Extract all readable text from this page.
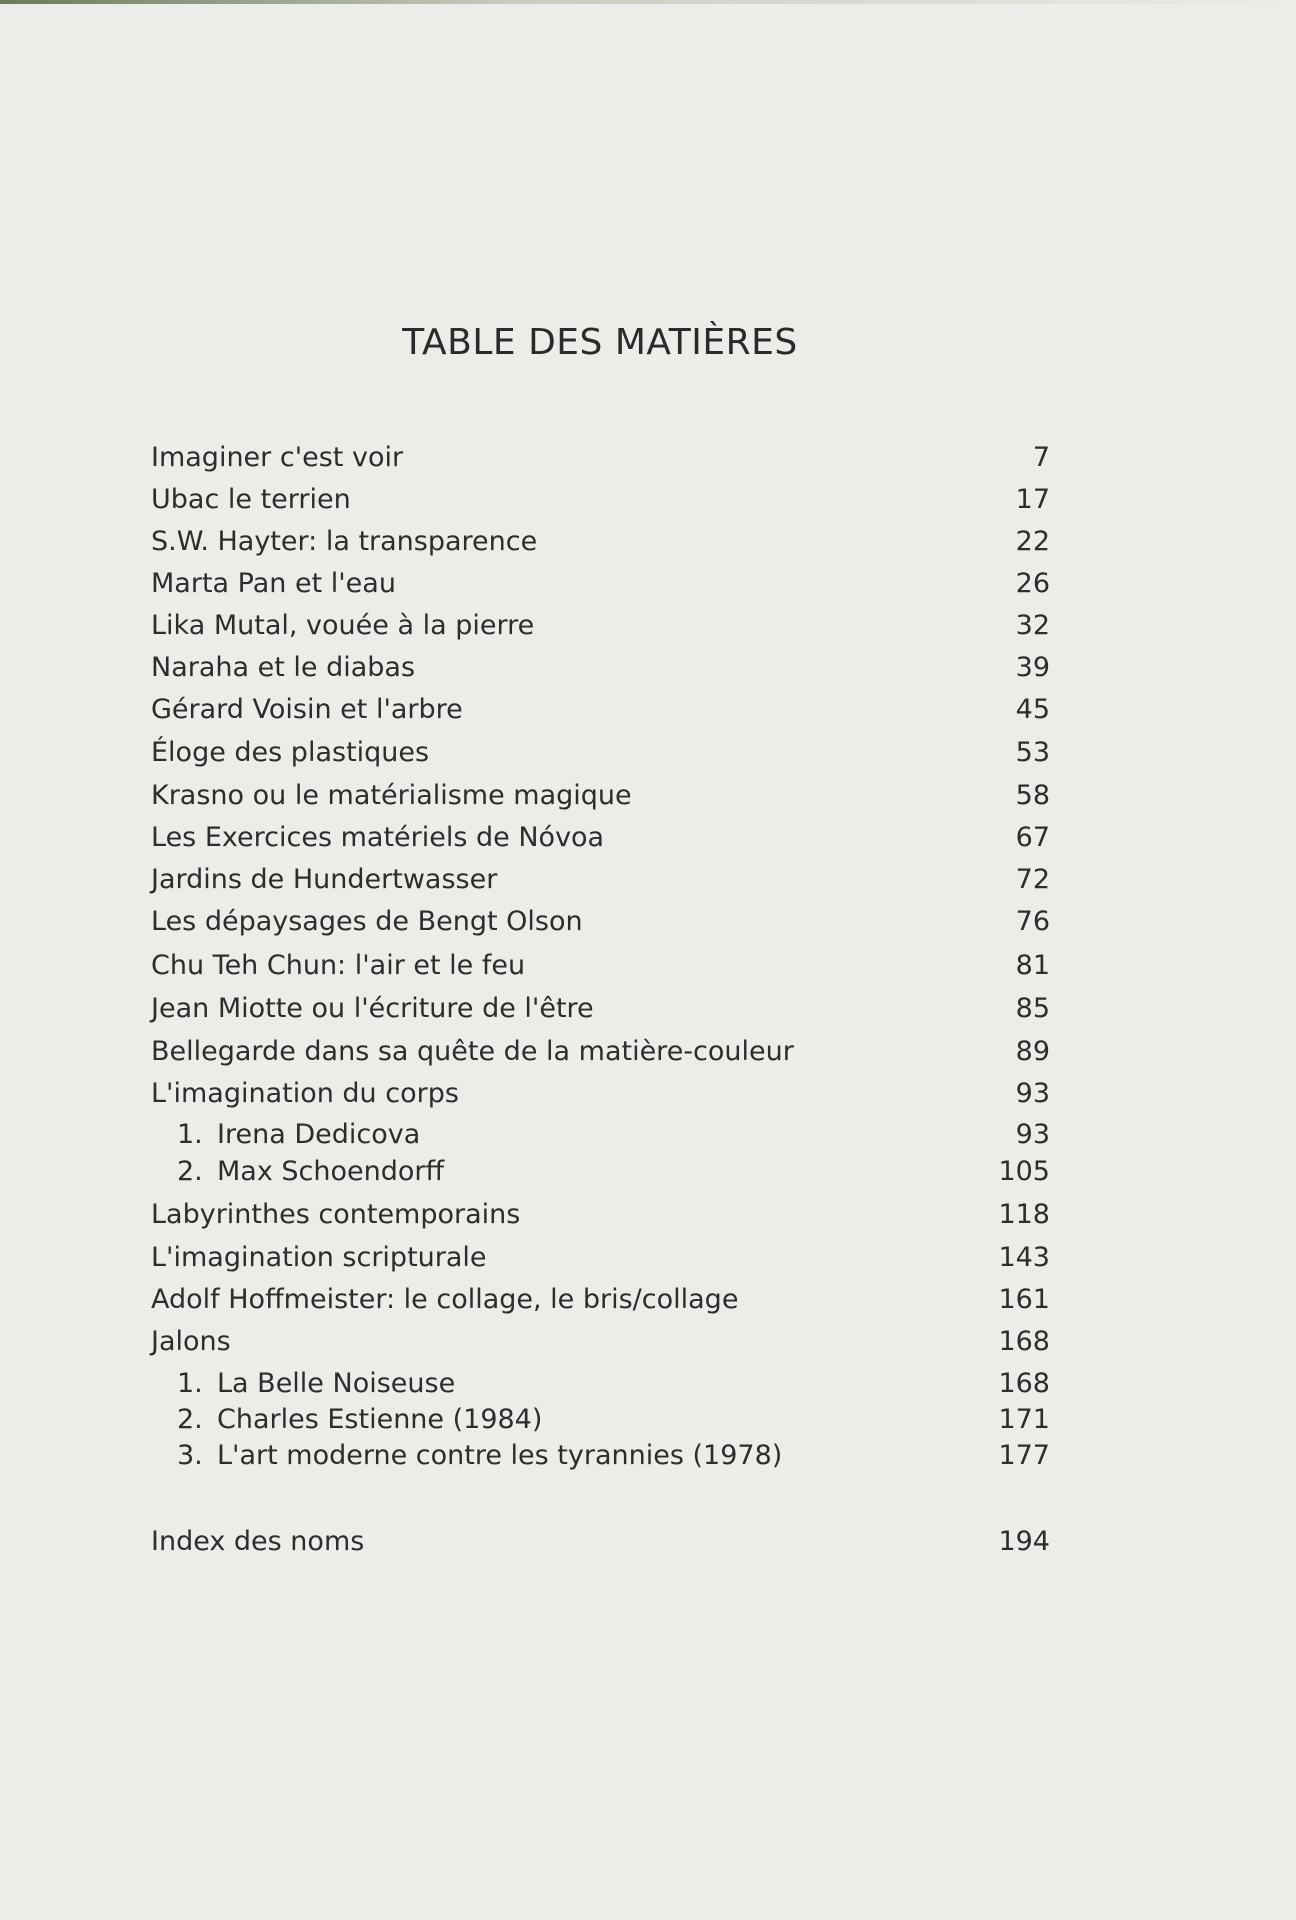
TABLE DES MATIÈRES
Imaginer c'est voir	7
Ubac le terrien	17
S.W. Hayter: la transparence	22
Marta Pan et l'eau	26
Lika Mutal, vouée à la pierre	32
Naraha et le diabas	39
Gérard Voisin et l'arbre	45
Éloge des plastiques	53
Krasno ou le matérialisme magique	58
Les Exercices matériels de Nóvoa	67
Jardins de Hundertwasser	72
Les dépaysages de Bengt Olson	76
Chu Teh Chun: l'air et le feu	81
Jean Miotte ou l'écriture de l'être	85
Bellegarde dans sa quête de la matière-couleur	89
L'imagination du corps	93
1. Irena Dedicova	93
2. Max Schoendorff	105
Labyrinthes contemporains	118
L'imagination scripturale	143
Adolf Hoffmeister: le collage, le bris/collage	161
Jalons	168
1. La Belle Noiseuse	168
2. Charles Estienne (1984)	171
3. L'art moderne contre les tyrannies (1978)	177
Index des noms	194
